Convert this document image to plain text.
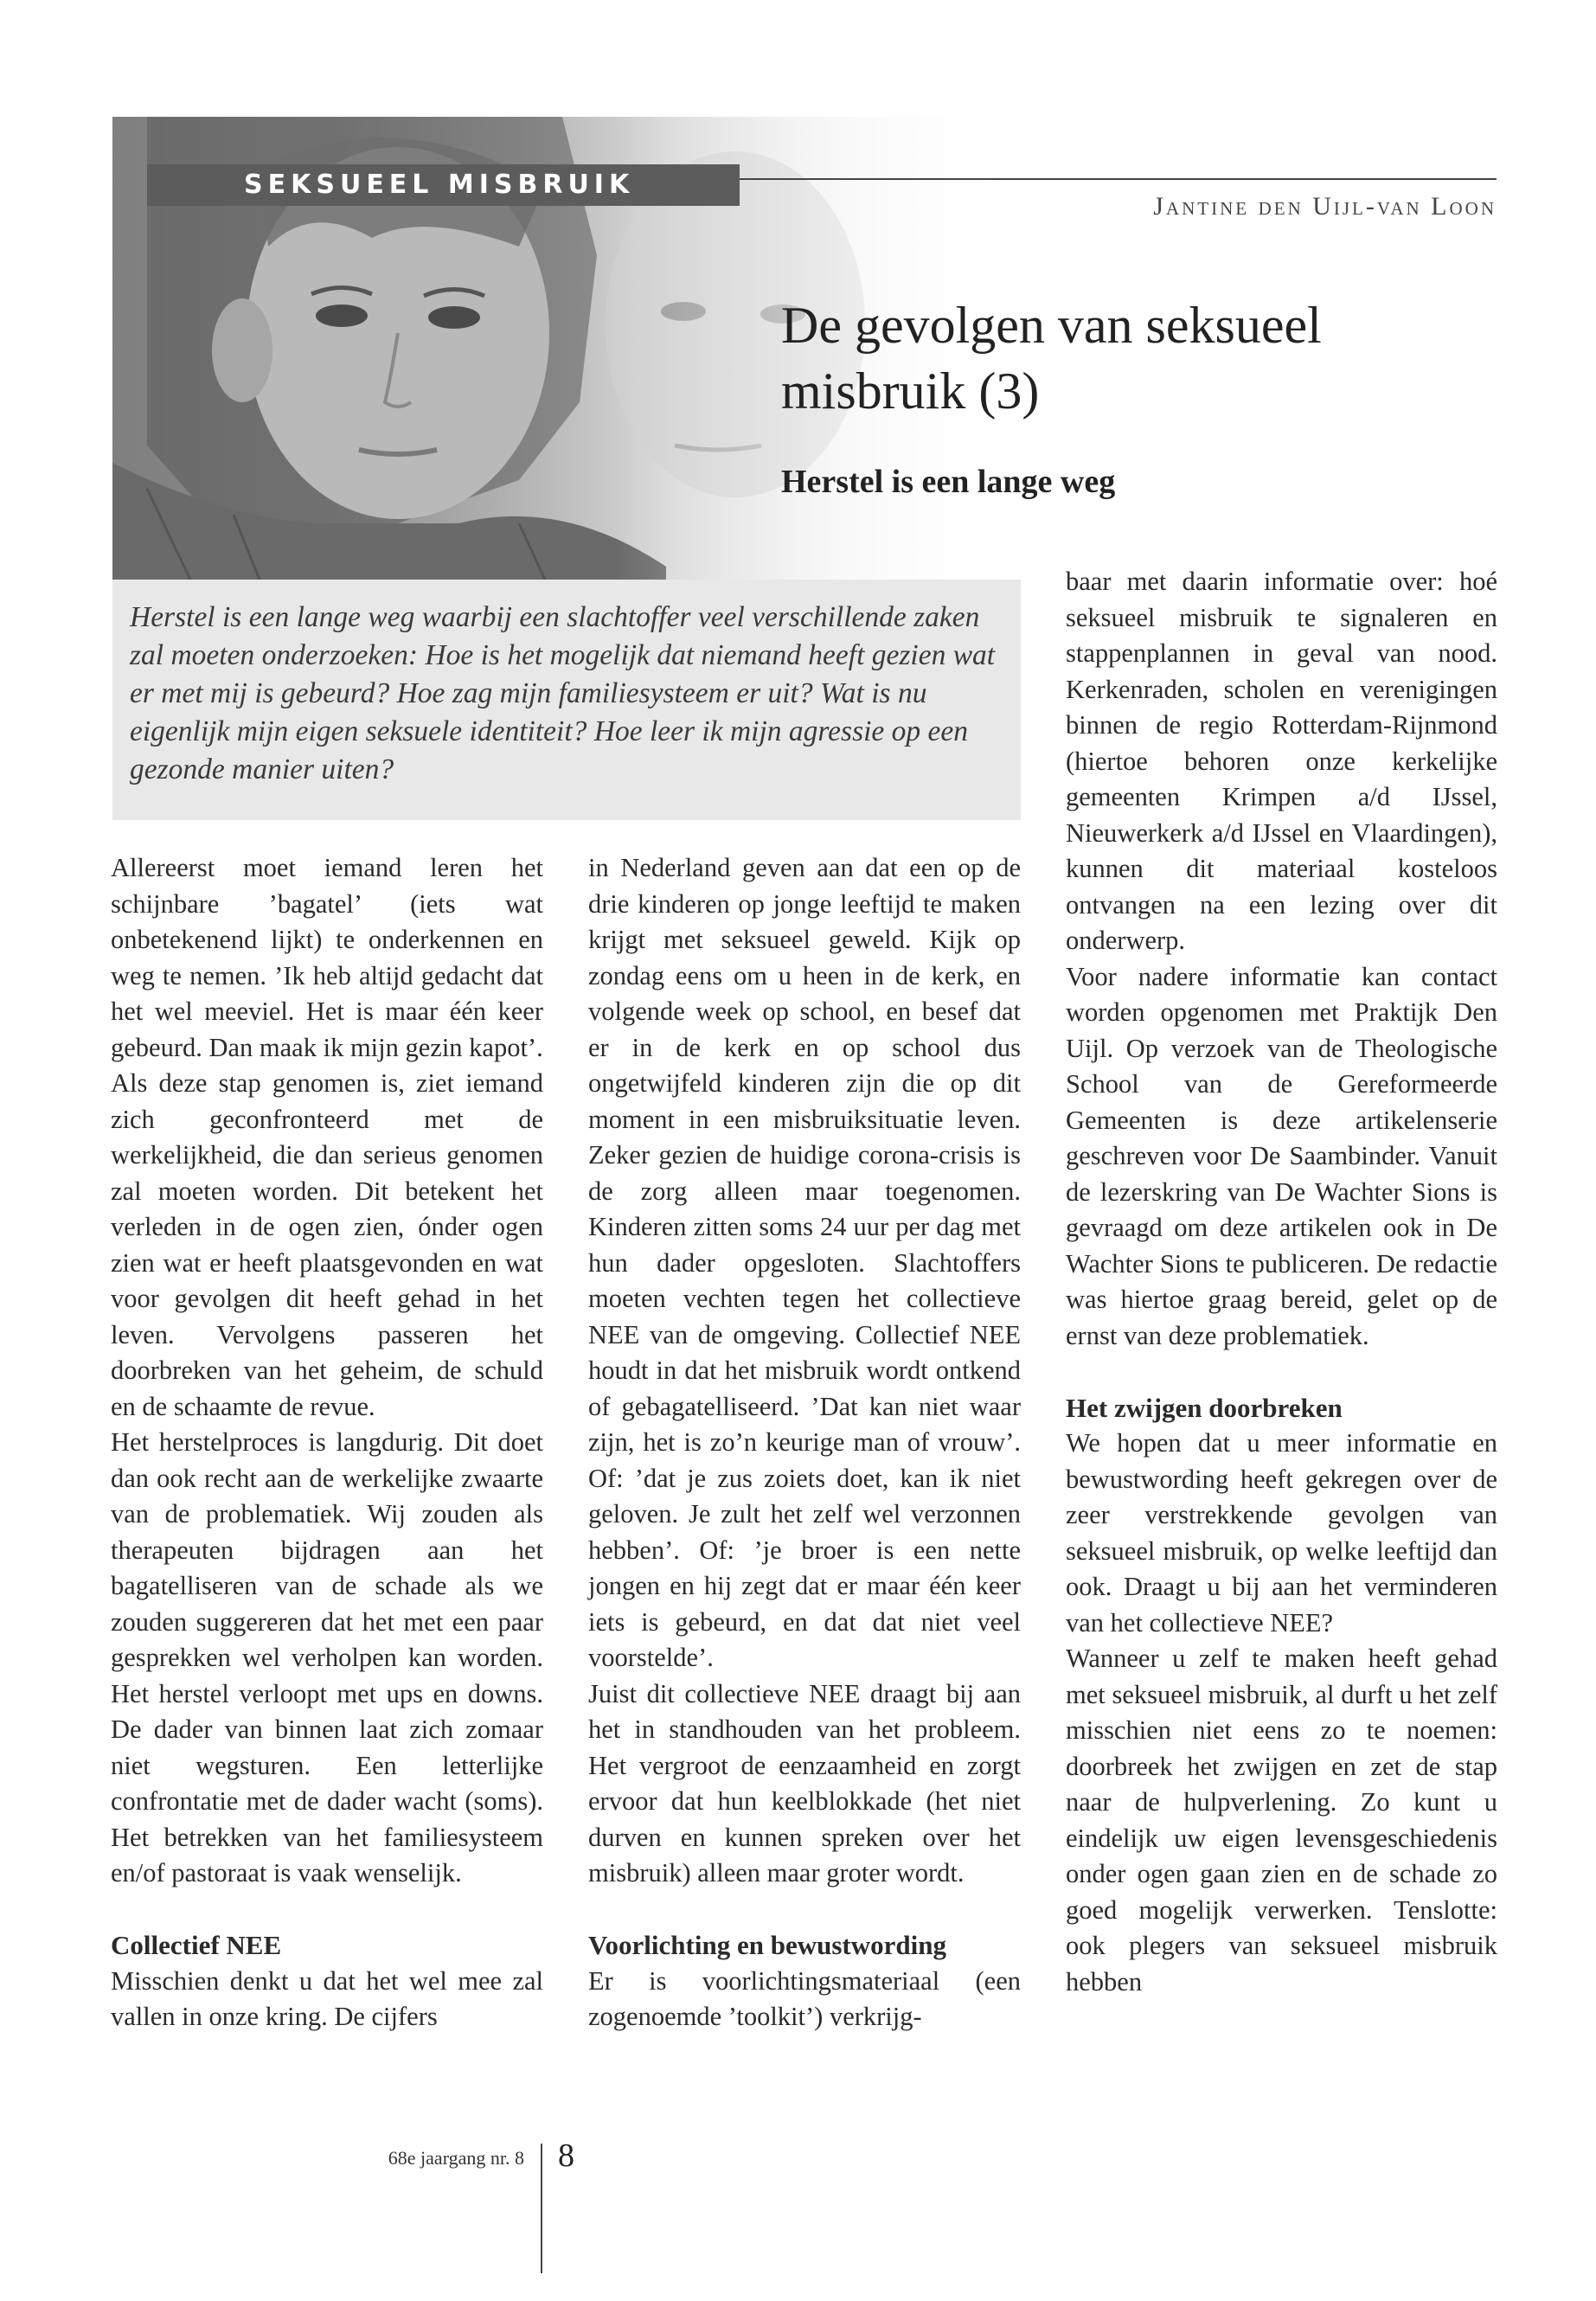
SEKSUEEL MISBRUIK
Jantine den Uijl-van Loon
De gevolgen van seksueel misbruik (3)
Herstel is een lange weg

Herstel is een lange weg waarbij een slachtoffer veel verschillende zaken zal moeten onderzoeken: Hoe is het mogelijk dat niemand heeft gezien wat er met mij is gebeurd? Hoe zag mijn familiesysteem er uit? Wat is nu eigenlijk mijn eigen seksuele identiteit? Hoe leer ik mijn agressie op een gezonde manier uiten?

Allereerst moet iemand leren het schijnbare ’bagatel’ (iets wat onbetekenend lijkt) te onderkennen en weg te nemen. ’Ik heb altijd gedacht dat het wel meeviel. Het is maar één keer gebeurd. Dan maak ik mijn gezin kapot’.

Als deze stap genomen is, ziet iemand zich geconfronteerd met de werkelijkheid, die dan serieus genomen zal moeten worden. Dit betekent het verleden in de ogen zien, ónder ogen zien wat er heeft plaatsgevonden en wat voor gevolgen dit heeft gehad in het leven. Vervolgens passeren het doorbreken van het geheim, de schuld en de schaamte de revue.

Het herstelproces is langdurig. Dit doet dan ook recht aan de werkelijke zwaarte van de problematiek. Wij zouden als therapeuten bijdragen aan het bagatelliseren van de schade als we zouden suggereren dat het met een paar gesprekken wel verholpen kan worden. Het herstel verloopt met ups en downs. De dader van binnen laat zich zomaar niet wegsturen. Een letterlijke confrontatie met de dader wacht (soms). Het betrekken van het familiesysteem en/of pastoraat is vaak wenselijk.

Collectief NEE

Misschien denkt u dat het wel mee zal vallen in onze kring. De cijfers

in Nederland geven aan dat een op de drie kinderen op jonge leeftijd te maken krijgt met seksueel geweld. Kijk op zondag eens om u heen in de kerk, en volgende week op school, en besef dat er in de kerk en op school dus ongetwijfeld kinderen zijn die op dit moment in een misbruiksituatie leven. Zeker gezien de huidige corona-crisis is de zorg alleen maar toegenomen. Kinderen zitten soms 24 uur per dag met hun dader opgesloten. Slachtoffers moeten vechten tegen het collectieve NEE van de omgeving. Collectief NEE houdt in dat het misbruik wordt ontkend of gebagatelliseerd. ’Dat kan niet waar zijn, het is zo’n keurige man of vrouw’. Of: ’dat je zus zoiets doet, kan ik niet geloven. Je zult het zelf wel verzonnen hebben’. Of: ’je broer is een nette jongen en hij zegt dat er maar één keer iets is gebeurd, en dat dat niet veel voorstelde’.

Juist dit collectieve NEE draagt bij aan het in standhouden van het probleem. Het vergroot de eenzaamheid en zorgt ervoor dat hun keelblokkade (het niet durven en kunnen spreken over het misbruik) alleen maar groter wordt.

Voorlichting en bewustwording

Er is voorlichtingsmateriaal (een zogenoemde ’toolkit’) verkrijg-

baar met daarin informatie over: hoé seksueel misbruik te signaleren en stappenplannen in geval van nood. Kerkenraden, scholen en verenigingen binnen de regio Rotterdam-Rijnmond (hiertoe behoren onze kerkelijke gemeenten Krimpen a/d IJssel, Nieuwerkerk a/d IJssel en Vlaardingen), kunnen dit materiaal kosteloos ontvangen na een lezing over dit onderwerp.

Voor nadere informatie kan contact worden opgenomen met Praktijk Den Uijl. Op verzoek van de Theologische School van de Gereformeerde Gemeenten is deze artikelenserie geschreven voor De Saambinder. Vanuit de lezerskring van De Wachter Sions is gevraagd om deze artikelen ook in De Wachter Sions te publiceren. De redactie was hiertoe graag bereid, gelet op de ernst van deze problematiek.

Het zwijgen doorbreken

We hopen dat u meer informatie en bewustwording heeft gekregen over de zeer verstrekkende gevolgen van seksueel misbruik, op welke leeftijd dan ook. Draagt u bij aan het verminderen van het collectieve NEE?

Wanneer u zelf te maken heeft gehad met seksueel misbruik, al durft u het zelf misschien niet eens zo te noemen: doorbreek het zwijgen en zet de stap naar de hulpverlening. Zo kunt u eindelijk uw eigen levensgeschiedenis onder ogen gaan zien en de schade zo goed mogelijk verwerken. Tenslotte: ook plegers van seksueel misbruik hebben

68e jaargang nr. 8 8
